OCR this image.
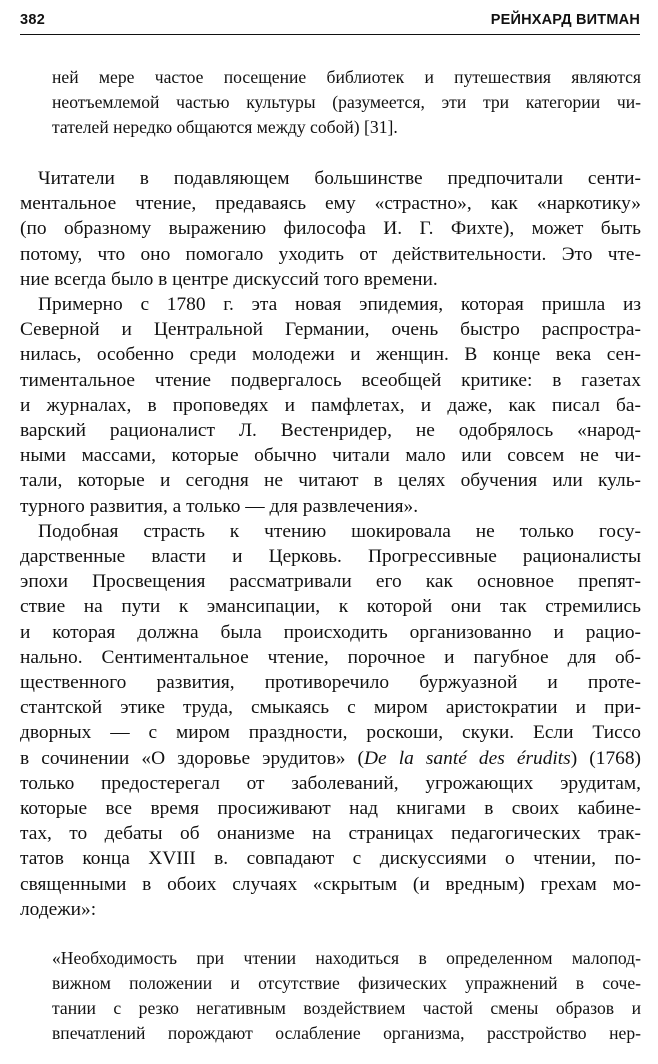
382	РЕЙНХАРД ВИТМАН
ней мере частое посещение библиотек и путешествия являются
неотъемлемой частью культуры (разумеется, эти три категории чи-
тателей нередко общаются между собой) [31].
Читатели в подавляющем большинстве предпочитали сенти-
ментальное чтение, предаваясь ему «страстно», как «наркотику»
(по образному выражению философа И. Г. Фихте), может быть
потому, что оно помогало уходить от действительности. Это чте-
ние всегда было в центре дискуссий того времени.
Примерно с 1780 г. эта новая эпидемия, которая пришла из
Северной и Центральной Германии, очень быстро распростра-
нилась, особенно среди молодежи и женщин. В конце века сен-
тиментальное чтение подвергалось всеобщей критике: в газетах
и журналах, в проповедях и памфлетах, и даже, как писал ба-
варский рационалист Л. Вестенридер, не одобрялось «народ-
ными массами, которые обычно читали мало или совсем не чи-
тали, которые и сегодня не читают в целях обучения или куль-
турного развития, а только — для развлечения».
Подобная страсть к чтению шокировала не только госу-
дарственные власти и Церковь. Прогрессивные рационалисты
эпохи Просвещения рассматривали его как основное препят-
ствие на пути к эмансипации, к которой они так стремились
и которая должна была происходить организованно и рацио-
нально. Сентиментальное чтение, порочное и пагубное для об-
щественного развития, противоречило буржуазной и проте-
стантской этике труда, смыкаясь с миром аристократии и при-
дворных — с миром праздности, роскоши, скуки. Если Тиссо
в сочинении «О здоровье эрудитов» (De la santé des érudits) (1768)
только предостерегал от заболеваний, угрожающих эрудитам,
которые все время просиживают над книгами в своих кабине-
тах, то дебаты об онанизме на страницах педагогических трак-
татов конца XVIII в. совпадают с дискуссиями о чтении, по-
священными в обоих случаях «скрытым (и вредным) грехам мо-
лодежи»:
«Необходимость при чтении находиться в определенном малопод-
вижном положении и отсутствие физических упражнений в соче-
тании с резко негативным воздействием частой смены образов и
впечатлений порождают ослабление организма, расстройство нер-
